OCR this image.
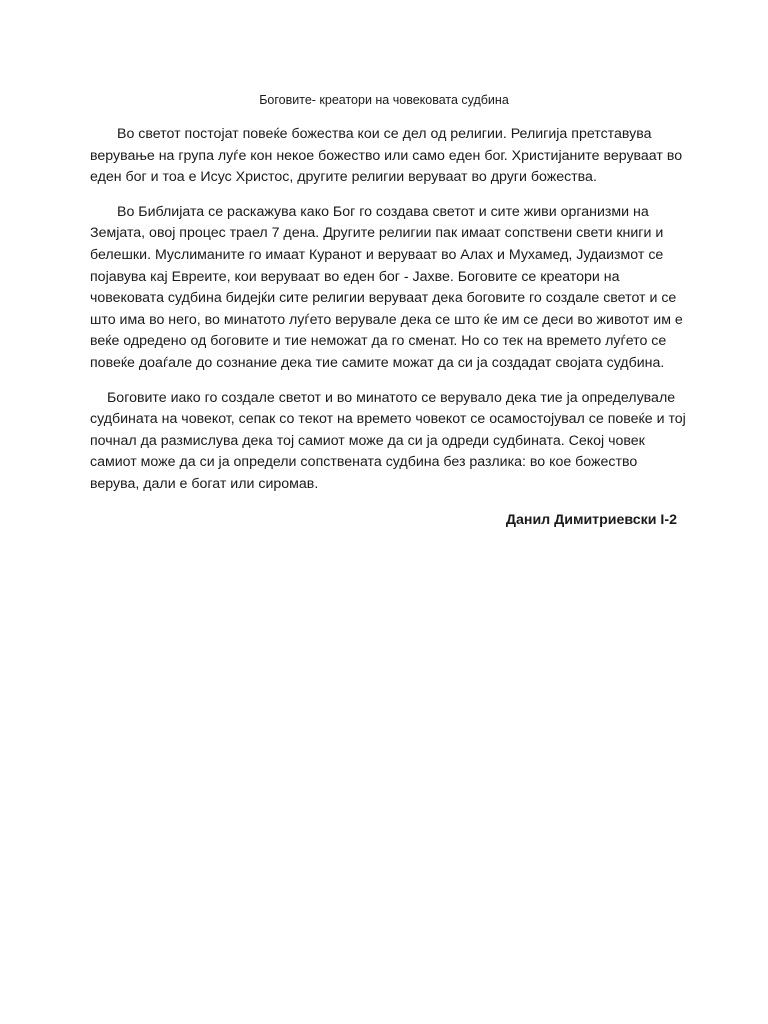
Боговите- креатори на човековата судбина

Во светот постојат повеќе божества кои се дел од религии. Религија претставува верување на група луѓе кон некое божество или само еден бог. Христијаните веруваат во еден бог и тоа е Исус Христос, другите религии веруваат во други божества.

Во Библијата се раскажува како Бог го создава светот и сите живи организми на Земјата, овој процес траел 7 дена. Другите религии пак имаат сопствени свети книги и белешки. Муслиманите го имаат Куранот и веруваат во Алах и Мухамед, Јудаизмот се појавува кај Евреите, кои веруваат во еден бог - Јахве. Боговите се креатори на човековата судбина бидејќи сите религии веруваат дека боговите го создале светот и се што има во него, во минатото луѓето верувале дека се што ќе им се деси во животот им е веќе одредено од боговите и тие неможат да го сменат. Но со тек на времето луѓето се повеќе доаѓале до сознание дека тие самите можат да си ја создадат својата судбина.

Боговите иако го создале светот и во минатото се верувало дека тие ја определувале судбината на човекот, сепак со текот на времето човекот се осамостојувал се повеќе и тој почнал да размислува дека тој самиот може да си ја одреди судбината. Секој човек самиот може да си ја определи сопствената судбина без разлика: во кое божество верува, дали е богат или сиромав.

Данил Димитриевски I-2
